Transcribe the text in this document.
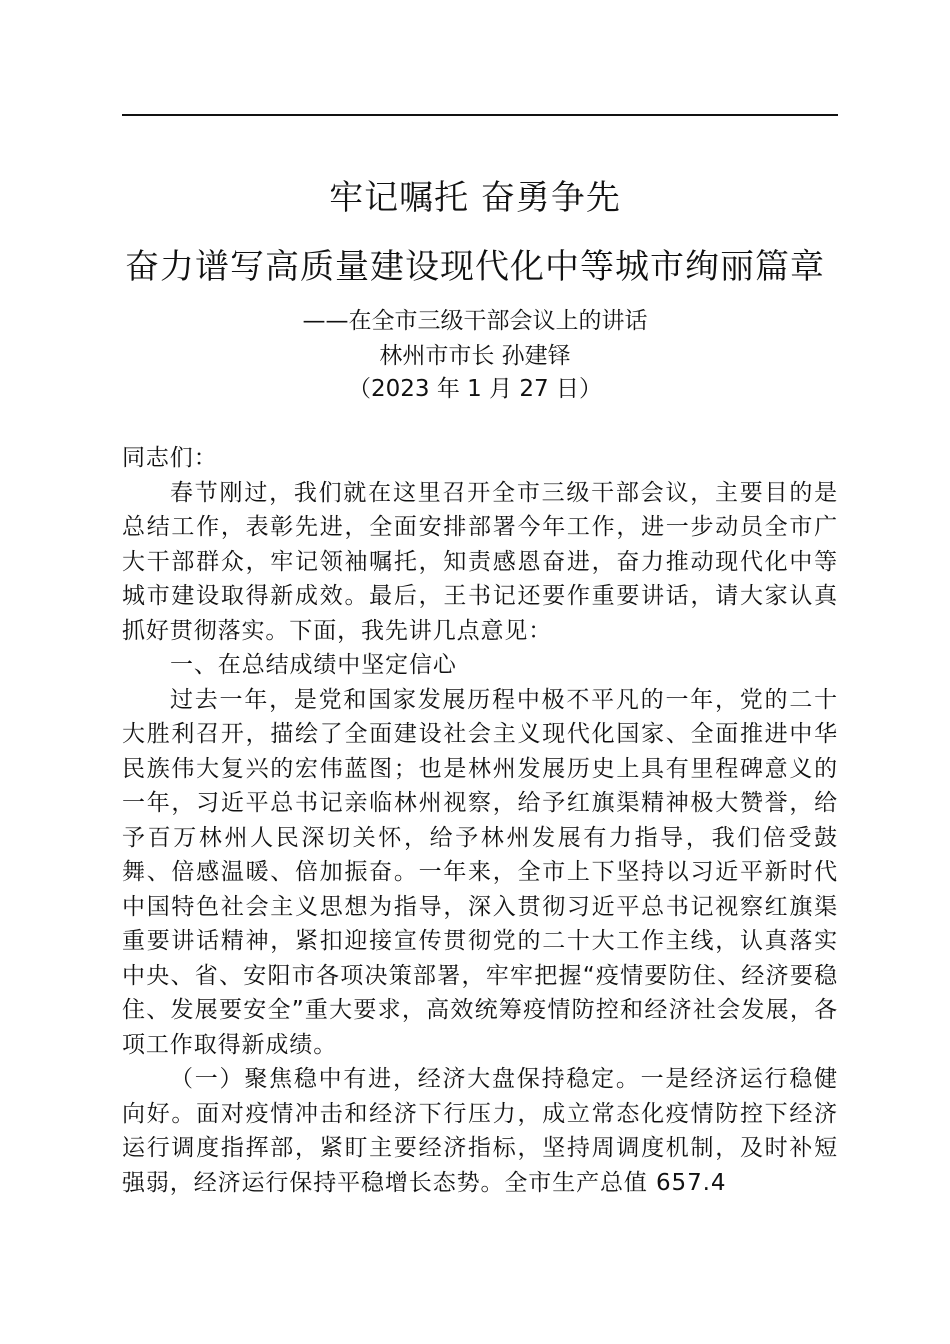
牢记嘱托 奋勇争先
奋力谱写高质量建设现代化中等城市绚丽篇章
——在全市三级干部会议上的讲话
林州市市长 孙建铎
（2023 年 1 月 27 日）

同志们：

春节刚过，我们就在这里召开全市三级干部会议，主要目的是总结工作，表彰先进，全面安排部署今年工作，进一步动员全市广大干部群众，牢记领袖嘱托，知责感恩奋进，奋力推动现代化中等城市建设取得新成效。最后，王书记还要作重要讲话，请大家认真抓好贯彻落实。下面，我先讲几点意见：

一、在总结成绩中坚定信心

过去一年，是党和国家发展历程中极不平凡的一年，党的二十大胜利召开，描绘了全面建设社会主义现代化国家、全面推进中华民族伟大复兴的宏伟蓝图；也是林州发展历史上具有里程碑意义的一年，习近平总书记亲临林州视察，给予红旗渠精神极大赞誉，给予百万林州人民深切关怀，给予林州发展有力指导，我们倍受鼓舞、倍感温暖、倍加振奋。一年来，全市上下坚持以习近平新时代中国特色社会主义思想为指导，深入贯彻习近平总书记视察红旗渠重要讲话精神，紧扣迎接宣传贯彻党的二十大工作主线，认真落实中央、省、安阳市各项决策部署，牢牢把握“疫情要防住、经济要稳住、发展要安全”重大要求，高效统筹疫情防控和经济社会发展，各项工作取得新成绩。

（一）聚焦稳中有进，经济大盘保持稳定。一是经济运行稳健向好。面对疫情冲击和经济下行压力，成立常态化疫情防控下经济运行调度指挥部，紧盯主要经济指标，坚持周调度机制，及时补短强弱，经济运行保持平稳增长态势。全市生产总值 657.4
